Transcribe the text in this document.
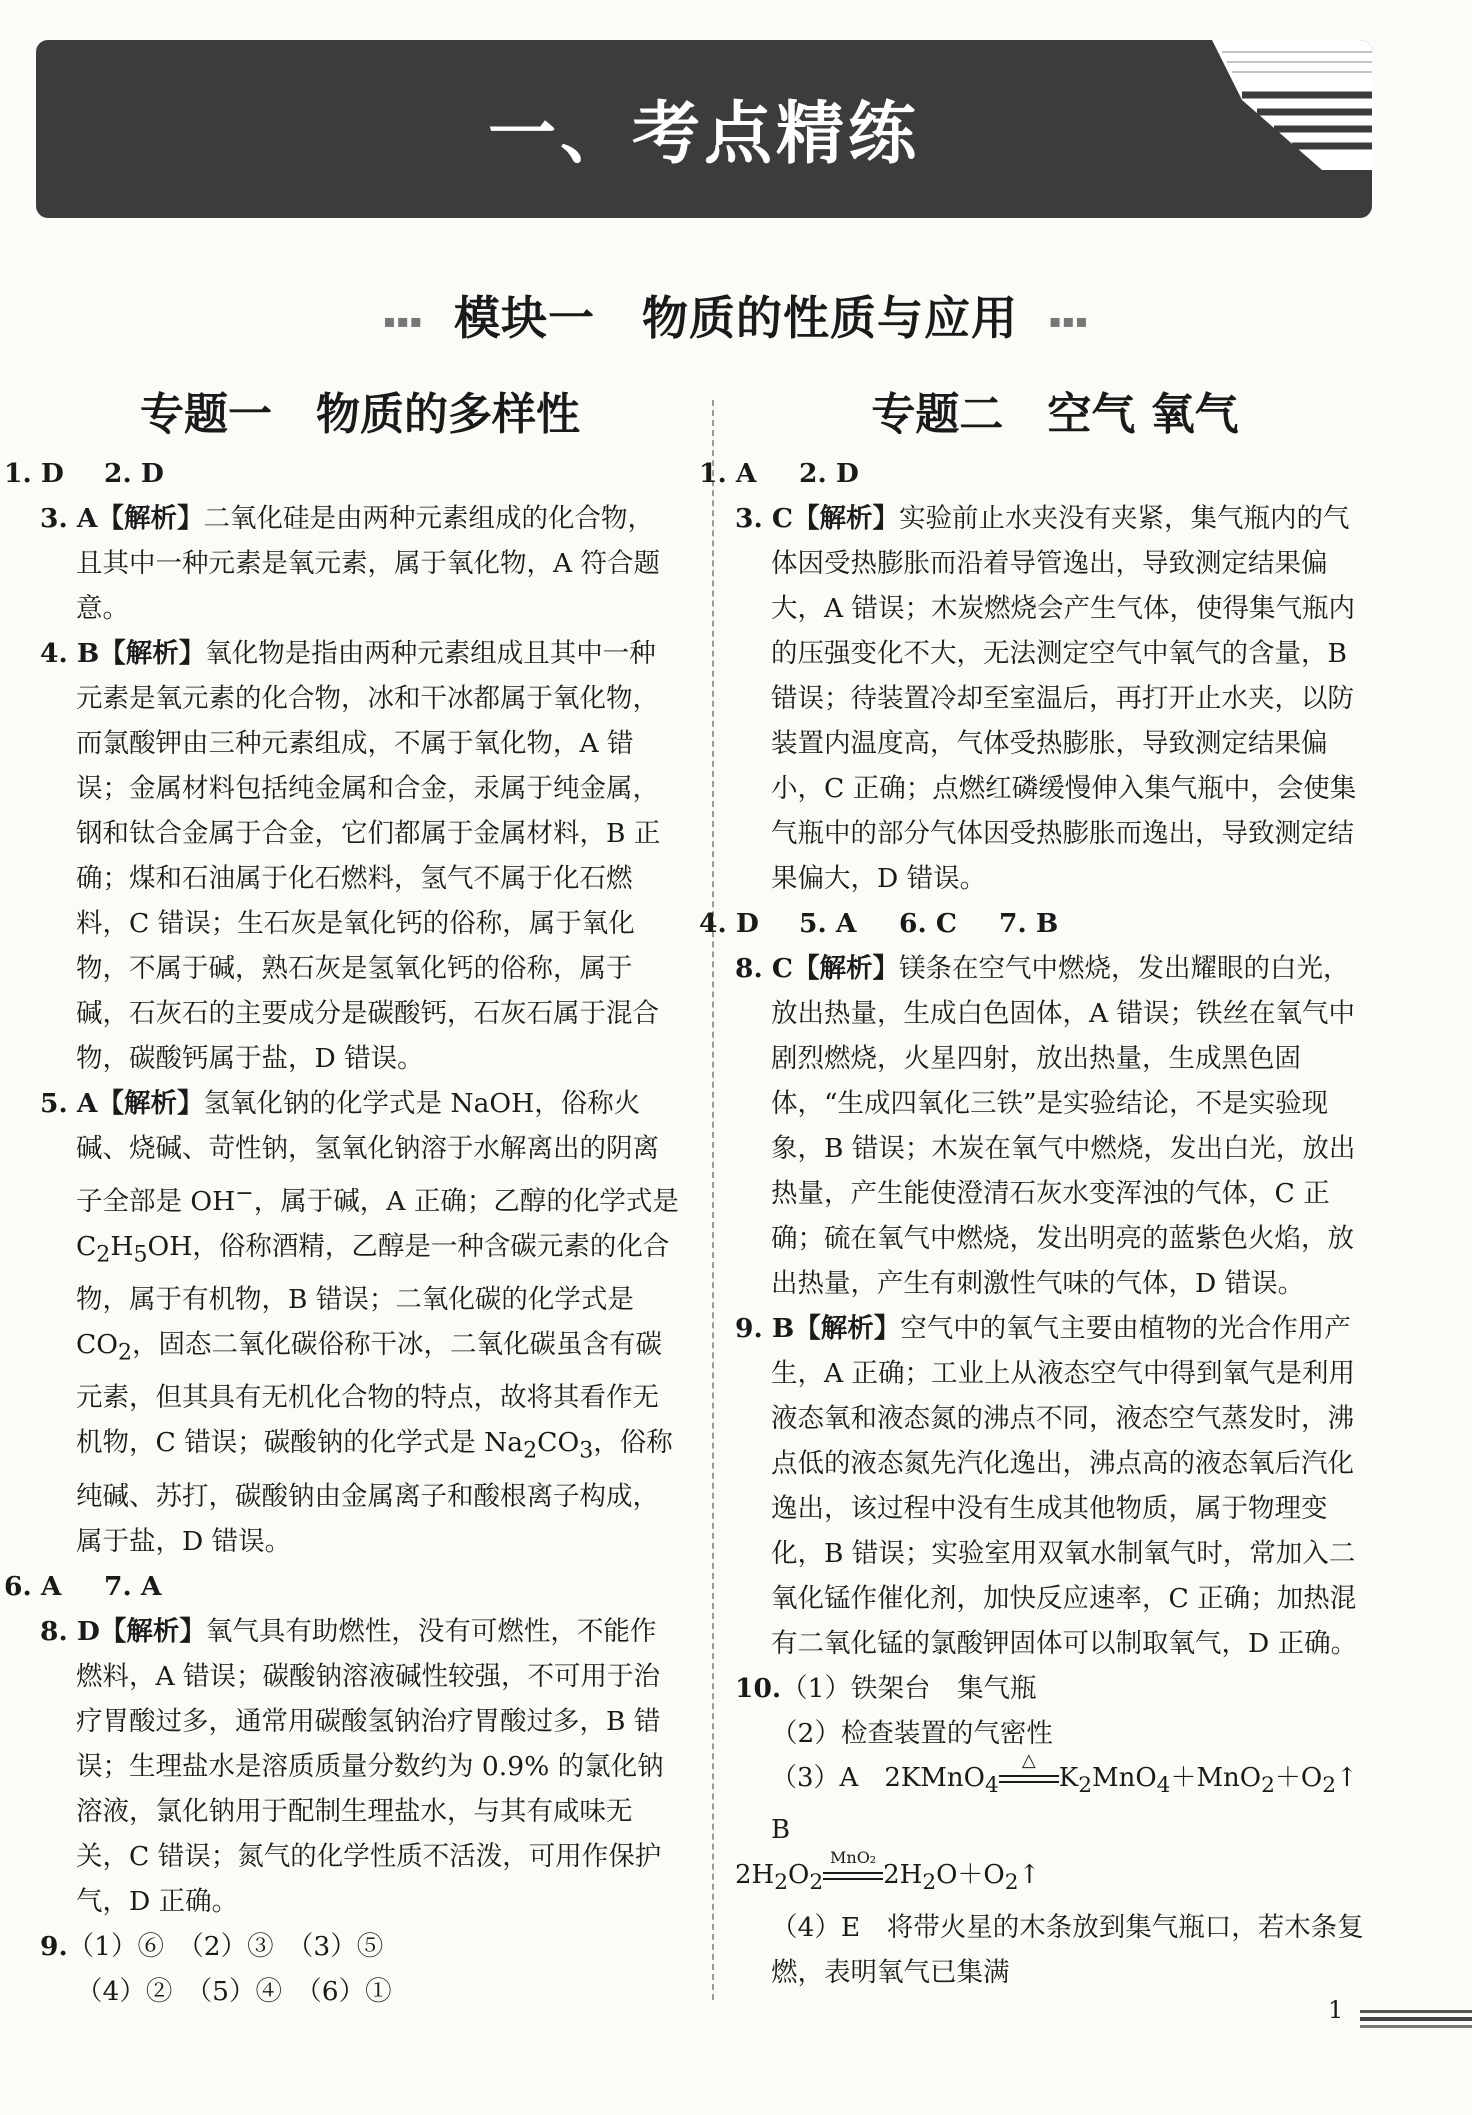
一、考点精练
▪▪▪ 模块一　物质的性质与应用 ▪▪▪
专题一　物质的多样性
1. D 2. D
3. A【解析】二氧化硅是由两种元素组成的化合物，且其中一种元素是氧元素，属于氧化物，A 符合题意。
4. B【解析】氧化物是指由两种元素组成且其中一种元素是氧元素的化合物，冰和干冰都属于氧化物，而氯酸钾由三种元素组成，不属于氧化物，A 错误；金属材料包括纯金属和合金，汞属于纯金属，钢和钛合金属于合金，它们都属于金属材料，B 正确；煤和石油属于化石燃料，氢气不属于化石燃料，C 错误；生石灰是氧化钙的俗称，属于氧化物，不属于碱，熟石灰是氢氧化钙的俗称，属于碱，石灰石的主要成分是碳酸钙，石灰石属于混合物，碳酸钙属于盐，D 错误。
5. A【解析】氢氧化钠的化学式是 NaOH，俗称火碱、烧碱、苛性钠，氢氧化钠溶于水解离出的阴离子全部是 OH−，属于碱，A 正确；乙醇的化学式是 $C_2H_5OH$，俗称酒精，乙醇是一种含碳元素的化合物，属于有机物，B 错误；二氧化碳的化学式是 $CO_2$，固态二氧化碳俗称干冰，二氧化碳虽含有碳元素，但其具有无机化合物的特点，故将其看作无机物，C 错误；碳酸钠的化学式是 $Na_2CO_3$，俗称纯碱、苏打，碳酸钠由金属离子和酸根离子构成，属于盐，D 错误。
6. A 7. A
8. D【解析】氧气具有助燃性，没有可燃性，不能作燃料，A 错误；碳酸钠溶液碱性较强，不可用于治疗胃酸过多，通常用碳酸氢钠治疗胃酸过多，B 错误；生理盐水是溶质质量分数约为 0.9% 的氯化钠溶液，氯化钠用于配制生理盐水，与其有咸味无关，C 错误；氮气的化学性质不活泼，可用作保护气，D 正确。
9.（1）⑥　（2）③　（3）⑤
（4）②　（5）④　（6）①
专题二　空气 氧气
1. A 2. D
3. C【解析】实验前止水夹没有夹紧，集气瓶内的气体因受热膨胀而沿着导管逸出，导致测定结果偏大，A 错误；木炭燃烧会产生气体，使得集气瓶内的压强变化不大，无法测定空气中氧气的含量，B 错误；待装置冷却至室温后，再打开止水夹，以防装置内温度高，气体受热膨胀，导致测定结果偏小，C 正确；点燃红磷缓慢伸入集气瓶中，会使集气瓶中的部分气体因受热膨胀而逸出，导致测定结果偏大，D 错误。
4. D 5. A 6. C 7. B
8. C【解析】镁条在空气中燃烧，发出耀眼的白光，放出热量，生成白色固体，A 错误；铁丝在氧气中剧烈燃烧，火星四射，放出热量，生成黑色固体，“生成四氧化三铁”是实验结论，不是实验现象，B 错误；木炭在氧气中燃烧，发出白光，放出热量，产生能使澄清石灰水变浑浊的气体，C 正确；硫在氧气中燃烧，发出明亮的蓝紫色火焰，放出热量，产生有刺激性气味的气体，D 错误。
9. B【解析】空气中的氧气主要由植物的光合作用产生，A 正确；工业上从液态空气中得到氧气是利用液态氧和液态氮的沸点不同，液态空气蒸发时，沸点低的液态氮先汽化逸出，沸点高的液态氧后汽化逸出，该过程中没有生成其他物质，属于物理变化，B 错误；实验室用双氧水制氧气时，常加入二氧化锰作催化剂，加快反应速率，C 正确；加热混有二氧化锰的氯酸钾固体可以制取氧气，D 正确。
10.（1）铁架台　集气瓶
（2）检查装置的气密性
（3）A　2KMnO$_4$
△
$K_2MnO_4+MnO_2+O_2↑$　B
$2H_2O_2$
MnO₂
$2H_2O+O_2↑$
（4）E　将带火星的木条放到集气瓶口，若木条复燃，表明氧气已集满
1
